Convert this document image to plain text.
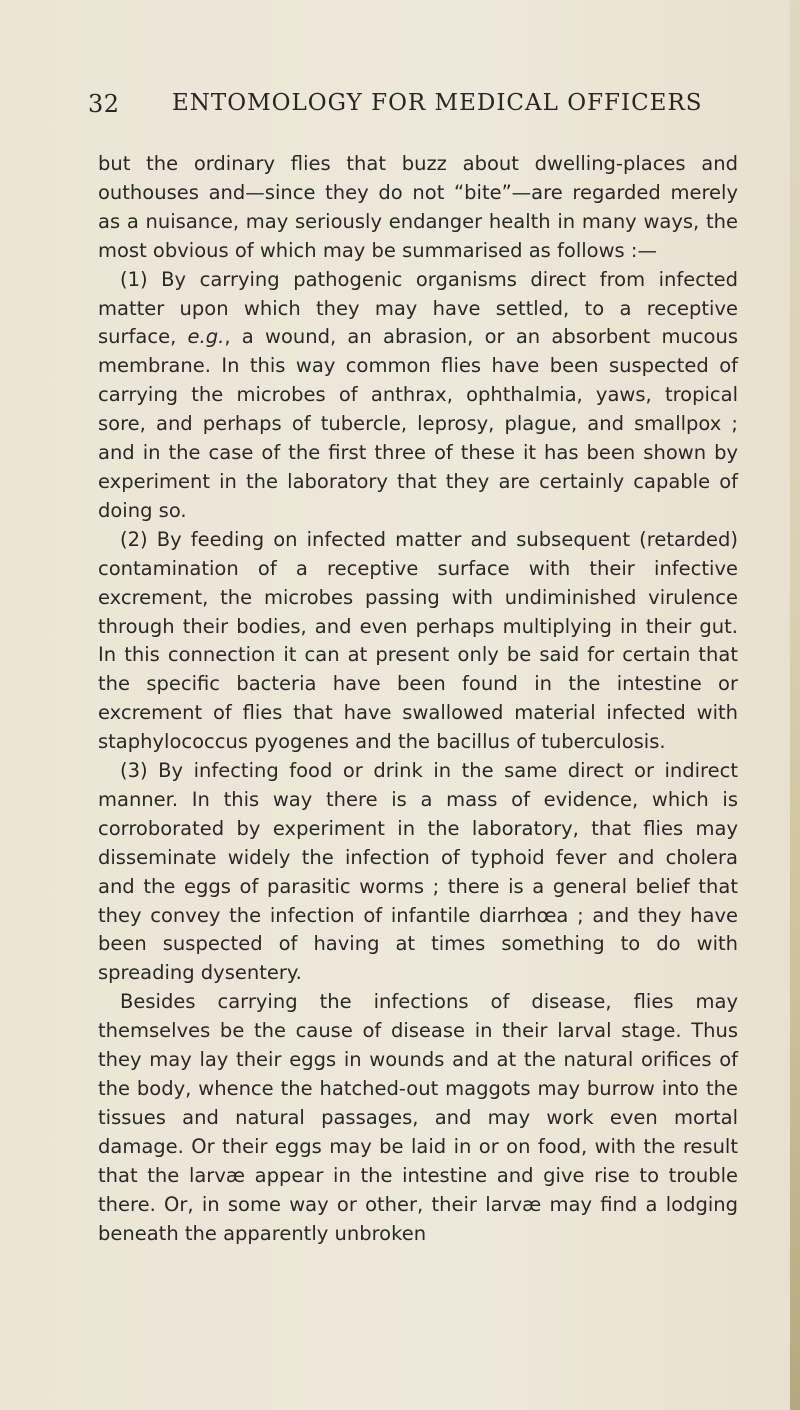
32 ENTOMOLOGY FOR MEDICAL OFFICERS

but the ordinary flies that buzz about dwelling-places and outhouses and—since they do not “bite”—are regarded merely as a nuisance, may seriously endanger health in many ways, the most obvious of which may be summarised as follows :—

(1) By carrying pathogenic organisms direct from infected matter upon which they may have settled, to a receptive surface, e.g., a wound, an abrasion, or an absorbent mucous membrane. In this way common flies have been suspected of carrying the microbes of anthrax, ophthalmia, yaws, tropical sore, and perhaps of tubercle, leprosy, plague, and smallpox ; and in the case of the first three of these it has been shown by experiment in the laboratory that they are certainly capable of doing so.

(2) By feeding on infected matter and subsequent (retarded) contamination of a receptive surface with their infective excrement, the microbes passing with undiminished virulence through their bodies, and even perhaps multiplying in their gut. In this connection it can at present only be said for certain that the specific bacteria have been found in the intestine or excrement of flies that have swallowed material infected with staphylococcus pyogenes and the bacillus of tuberculosis.

(3) By infecting food or drink in the same direct or indirect manner. In this way there is a mass of evidence, which is corroborated by experiment in the laboratory, that flies may disseminate widely the infection of typhoid fever and cholera and the eggs of parasitic worms ; there is a general belief that they convey the infection of infantile diarrhœa ; and they have been suspected of having at times something to do with spreading dysentery.

Besides carrying the infections of disease, flies may themselves be the cause of disease in their larval stage. Thus they may lay their eggs in wounds and at the natural orifices of the body, whence the hatched-out maggots may burrow into the tissues and natural passages, and may work even mortal damage. Or their eggs may be laid in or on food, with the result that the larvæ appear in the intestine and give rise to trouble there. Or, in some way or other, their larvæ may find a lodging beneath the apparently unbroken
